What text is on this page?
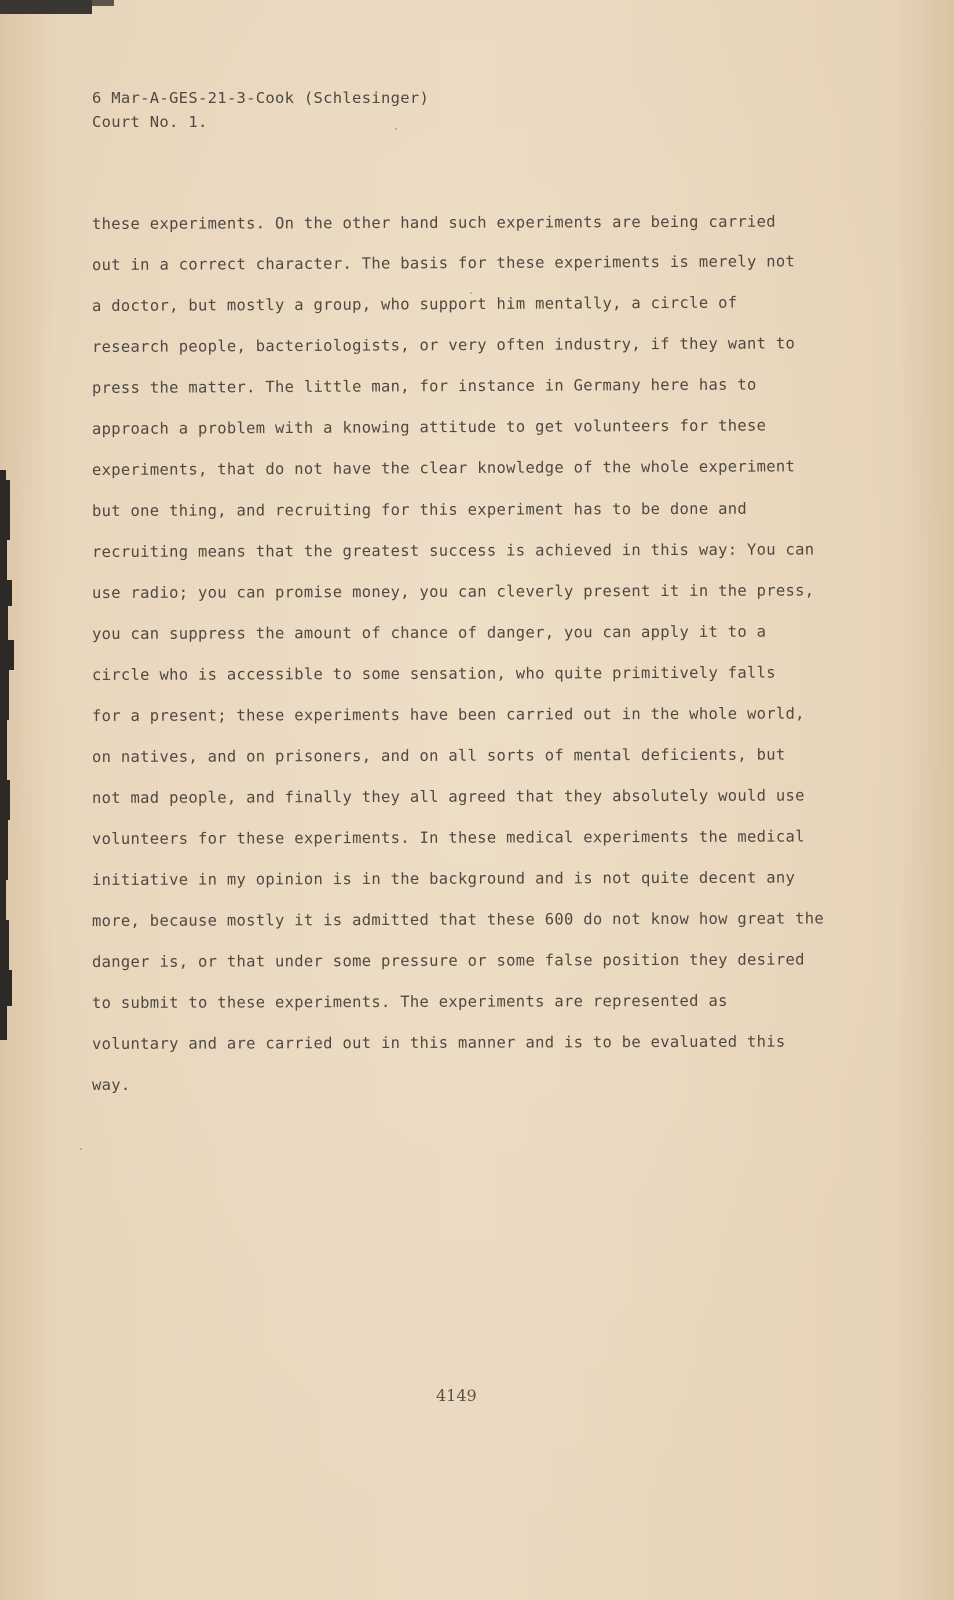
6 Mar-A-GES-21-3-Cook (Schlesinger)
Court No. 1.
these experiments. On the other hand such experiments are being carried
out in a correct character. The basis for these experiments is merely not
a doctor, but mostly a group, who support him mentally, a circle of
research people, bacteriologists, or very often industry, if they want to
press the matter. The little man, for instance in Germany here has to
approach a problem with a knowing attitude to get volunteers for these
experiments, that do not have the clear knowledge of the whole experiment
but one thing, and recruiting for this experiment has to be done and
recruiting means that the greatest success is achieved in this way: You can
use radio; you can promise money, you can cleverly present it in the press,
you can suppress the amount of chance of danger, you can apply it to a
circle who is accessible to some sensation, who quite primitively falls
for a present; these experiments have been carried out in the whole world,
on natives, and on prisoners, and on all sorts of mental deficients, but
not mad people, and finally they all agreed that they absolutely would use
volunteers for these experiments. In these medical experiments the medical
initiative in my opinion is in the background and is not quite decent any
more, because mostly it is admitted that these 600 do not know how great the
danger is, or that under some pressure or some false position they desired
to submit to these experiments. The experiments are represented as
voluntary and are carried out in this manner and is to be evaluated this
way.
4149
